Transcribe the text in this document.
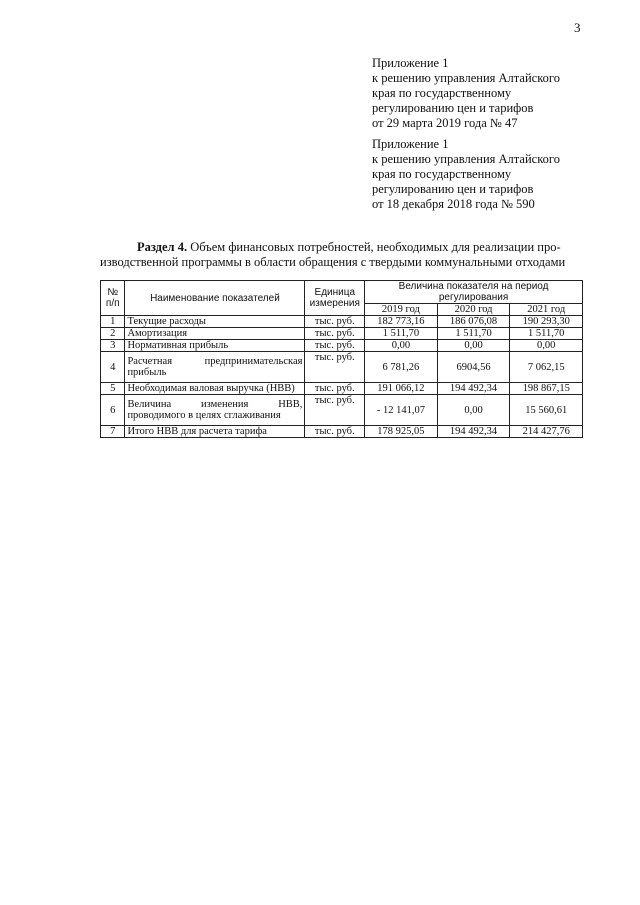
3
Приложение 1
к решению управления Алтайского
края по государственному
регулированию цен и тарифов
от 29 марта 2019 года № 47
Приложение 1
к решению управления Алтайского
края по государственному
регулированию цен и тарифов
от 18 декабря 2018 года № 590
Раздел 4. Объем финансовых потребностей, необходимых для реализации про-
изводственной программы в области обращения с твердыми коммунальными отходами
№ п/п	Наименование показателей	Единица измерения	Величина показателя на период регулирования		
			2019 год	2020 год	2021 год
1	Текущие расходы	тыс. руб.	182 773,16	186 076,08	190 293,30
2	Амортизация	тыс. руб.	1 511,70	1 511,70	1 511,70
3	Нормативная прибыль	тыс. руб.	0,00	0,00	0,00
4	Расчетная предпринимательская прибыль	тыс. руб.	6 781,26	6904,56	7 062,15
5	Необходимая валовая выручка (НВВ)	тыс. руб.	191 066,12	194 492,34	198 867,15
6	Величина изменения НВВ, проводимого в целях сглаживания	тыс. руб.	- 12 141,07	0,00	15 560,61
7	Итого НВВ для расчета тарифа	тыс. руб.	178 925,05	194 492,34	214 427,76
